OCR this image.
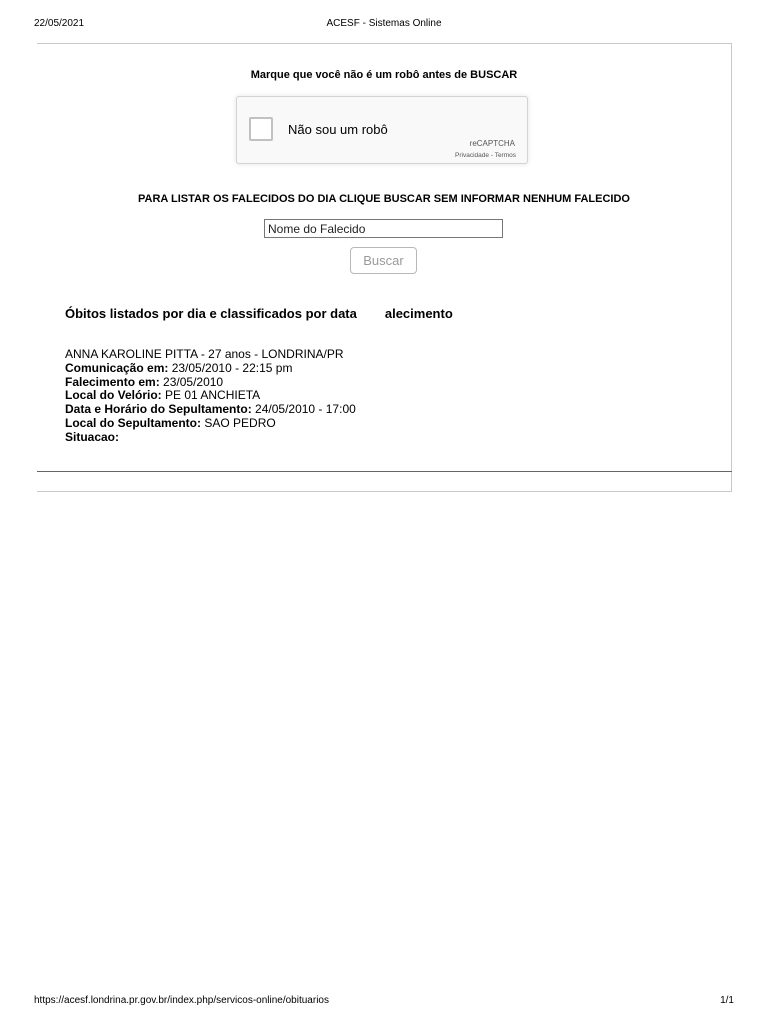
22/05/2021	ACESF - Sistemas Online
Marque que você não é um robô antes de BUSCAR
Não sou um robô
reCAPTCHA
Privacidade - Termos
PARA LISTAR OS FALECIDOS DO DIA CLIQUE BUSCAR SEM INFORMAR NENHUM FALECIDO
Nome do Falecido
Buscar
Óbitos listados por dia e classificados por data alecimento
ANNA KAROLINE PITTA - 27 anos - LONDRINA/PR
Comunicação em: 23/05/2010 - 22:15 pm
Falecimento em: 23/05/2010
Local do Velório: PE 01 ANCHIETA
Data e Horário do Sepultamento: 24/05/2010 - 17:00
Local do Sepultamento: SAO PEDRO
Situacao:
https://acesf.londrina.pr.gov.br/index.php/servicos-online/obituarios	1/1
